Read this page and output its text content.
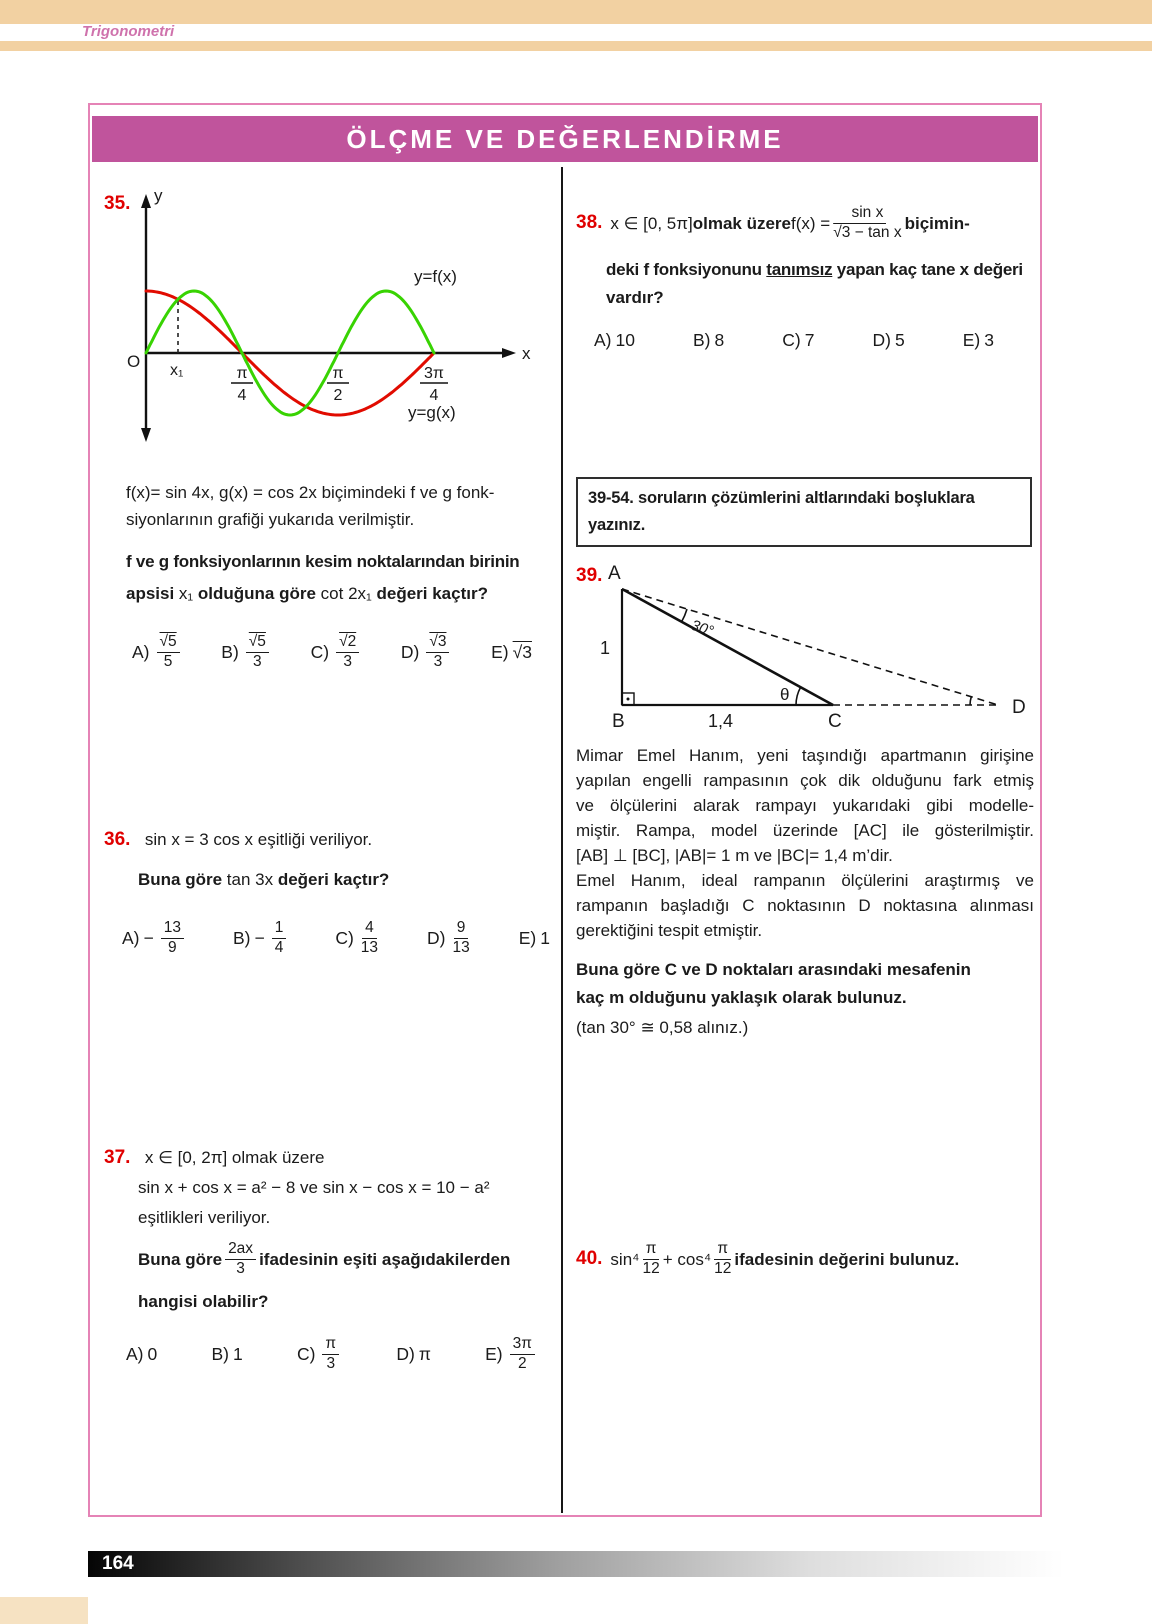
Trigonometri
ÖLÇME VE DEĞERLENDİRME
35. y
x
O x₁
y=f(x)
y=g(x)
π
4
π
2
3π
4
f(x)= sin 4x, g(x) = cos 2x biçimindeki f ve g fonk-
siyonlarının grafiği yukarıda verilmiştir.
f ve g fonksiyonlarının kesim noktalarından birinin
apsisi x₁ olduğuna göre cot 2x₁ değeri kaçtır?
$A) \frac{√5}{5} B) \frac{√5}{3} C) \frac{√2}{3} D) \frac{√3}{3} E$) √3
36. sin x = 3 cos x eşitliği veriliyor.
Buna göre tan 3x değeri kaçtır?
$A) - \frac{13}{9}$	$B) - \frac{1}{4}$	$C) \frac{4}{13}$	$D) \frac{9}{13}$	E) 1
37. x ∈ [0, 2π] olmak üzere
sin x + cos x = a² − 8 ve sin x − cos x = 10 − a²
eşitlikleri veriliyor.
Buna göre $\frac{2ax}{3}$ ifadesinin eşiti aşağıdakilerden
hangisi olabilir?
A) 0	B) 1	$C) \frac{\pi}{3}$	D) π	$E) \frac{3\pi}{2}$
38. x ∈ [0, 5π] olmak üzere $f(x) = \frac{\text{sin x}}{\text{√3 − tan x}}$ biçimin-
deki f fonksiyonunu tanımsız yapan kaç tane x değeri
vardır?
A) 10	B) 8	C) 7	D) 5	E) 3
39-54. soruların çözümlerini altlarındaki boşluklara
yazınız.
39. A
B	C
D
1
1,4
θ
30°
Mimar Emel Hanım, yeni taşındığı apartmanın girişine
yapılan engelli rampasının çok dik olduğunu fark etmiş
ve ölçülerini alarak rampayı yukarıdaki gibi modelle-
miştir. Rampa, model üzerinde [AC] ile gösterilmiştir.
[AB] ⊥ [BC], |AB|= 1 m ve |BC|= 1,4 m’dir.
Emel Hanım, ideal rampanın ölçülerini araştırmış ve
rampanın başladığı C noktasının D noktasına alınması
gerektiğini tespit etmiştir.
Buna göre C ve D noktaları arasındaki mesafenin
kaç m olduğunu yaklaşık olarak bulunuz.
(tan 30° ≅ 0,58 alınız.)
40. $\sin^4 \frac{\pi}{12} + \cos^4 \frac{\pi}{12}$ ifadesinin değerini bulunuz.
164
